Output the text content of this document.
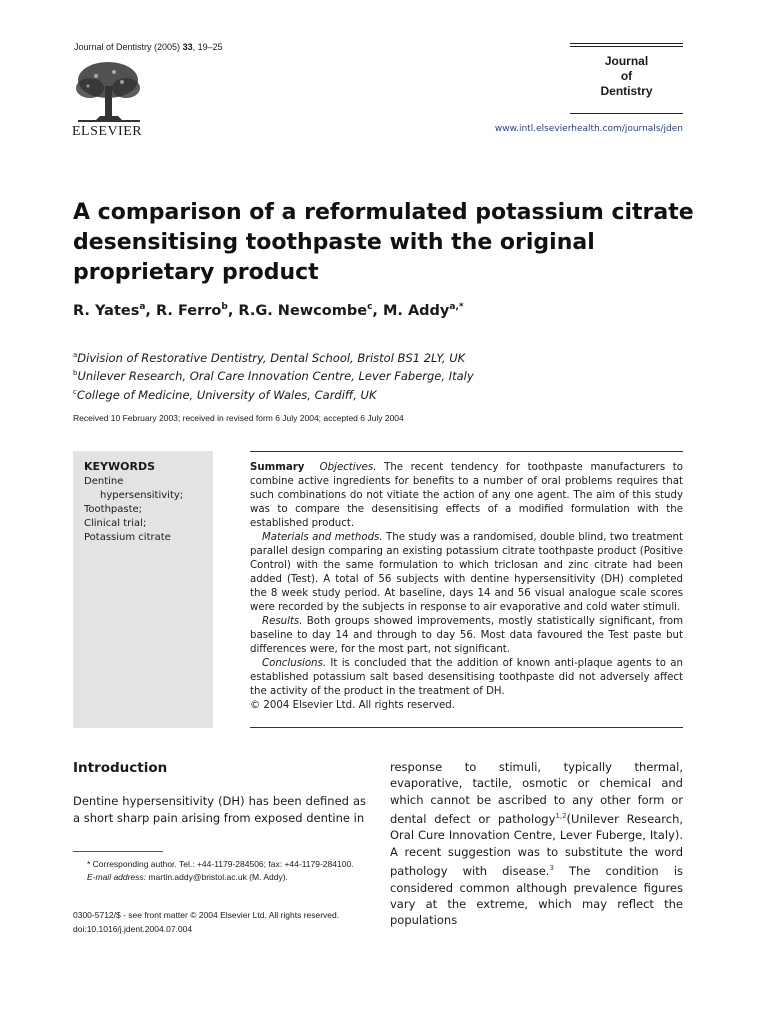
Journal of Dentistry (2005) 33, 19–25
ELSEVIER
Journal
of
Dentistry
www.intl.elsevierhealth.com/journals/jden
A comparison of a reformulated potassium citrate desensitising toothpaste with the original proprietary product
R. Yates$^a$, R. Ferro$^b$, R.G. Newcombe$^c$, M. Addy$^{a,*}$
$^a$Division of Restorative Dentistry, Dental School, Bristol BS1 2LY, UK
$^b$Unilever Research, Oral Care Innovation Centre, Lever Faberge, Italy
$^c$College of Medicine, University of Wales, Cardiff, UK
Received 10 February 2003; received in revised form 6 July 2004; accepted 6 July 2004
KEYWORDS
Dentine
hypersensitivity;
Toothpaste;
Clinical trial;
Potassium citrate

Summary Objectives. The recent tendency for toothpaste manufacturers to combine active ingredients for benefits to a number of oral problems requires that such combinations do not vitiate the action of any one agent. The aim of this study was to compare the desensitising effects of a modified formulation with the established product.

Materials and methods. The study was a randomised, double blind, two treatment parallel design comparing an existing potassium citrate toothpaste product (Positive Control) with the same formulation to which triclosan and zinc citrate had been added (Test). A total of 56 subjects with dentine hypersensitivity (DH) completed the 8 week study period. At baseline, days 14 and 56 visual analogue scale scores were recorded by the subjects in response to air evaporative and cold water stimuli.

Results. Both groups showed improvements, mostly statistically significant, from baseline to day 14 and through to day 56. Most data favoured the Test paste but differences were, for the most part, not significant.

Conclusions. It is concluded that the addition of known anti-plaque agents to an established potassium salt based desensitising toothpaste did not adversely affect the activity of the product in the treatment of DH.

© 2004 Elsevier Ltd. All rights reserved.

Introduction
Dentine hypersensitivity (DH) has been defined as a short sharp pain arising from exposed dentine in
response to stimuli, typically thermal, evaporative, tactile, osmotic or chemical and which cannot be ascribed to any other form or dental defect or pathology$^{1,2}$(Unilever Research, Oral Cure Innovation Centre, Lever Fuberge, Italy). A recent suggestion was to substitute the word pathology with disease.$^3$ The condition is considered common although prevalence figures vary at the extreme, which may reflect the populations
* Corresponding author. Tel.: +44-1179-284506; fax: +44-1179-284100.
E-mail address: martin.addy@bristol.ac.uk (M. Addy).
0300-5712/$ - see front matter © 2004 Elsevier Ltd. All rights reserved.
doi:10.1016/j.jdent.2004.07.004
